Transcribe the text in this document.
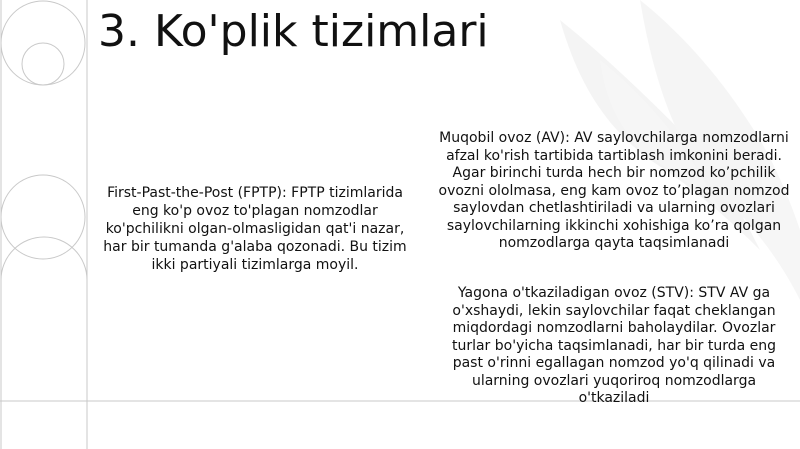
3. Ko'plik tizimlari
First-Past-the-Post (FPTP): FPTP tizimlarida eng ko'p ovoz to'plagan nomzodlar ko'pchilikni olgan-olmasligidan qat'i nazar, har bir tumanda g'alaba qozonadi. Bu tizim ikki partiyali tizimlarga moyil.
Muqobil ovoz (AV): AV saylovchilarga nomzodlarni afzal ko'rish tartibida tartiblash imkonini beradi. Agar birinchi turda hech bir nomzod ko’pchilik ovozni ololmasa, eng kam ovoz to’plagan nomzod saylovdan chetlashtiriladi va ularning ovozlari saylovchilarning ikkinchi xohishiga ko’ra qolgan nomzodlarga qayta taqsimlanadi
Yagona o'tkaziladigan ovoz (STV): STV AV ga o'xshaydi, lekin saylovchilar faqat cheklangan miqdordagi nomzodlarni baholaydilar. Ovozlar turlar bo'yicha taqsimlanadi, har bir turda eng past o'rinni egallagan nomzod yo'q qilinadi va ularning ovozlari yuqoriroq nomzodlarga o'tkaziladi
